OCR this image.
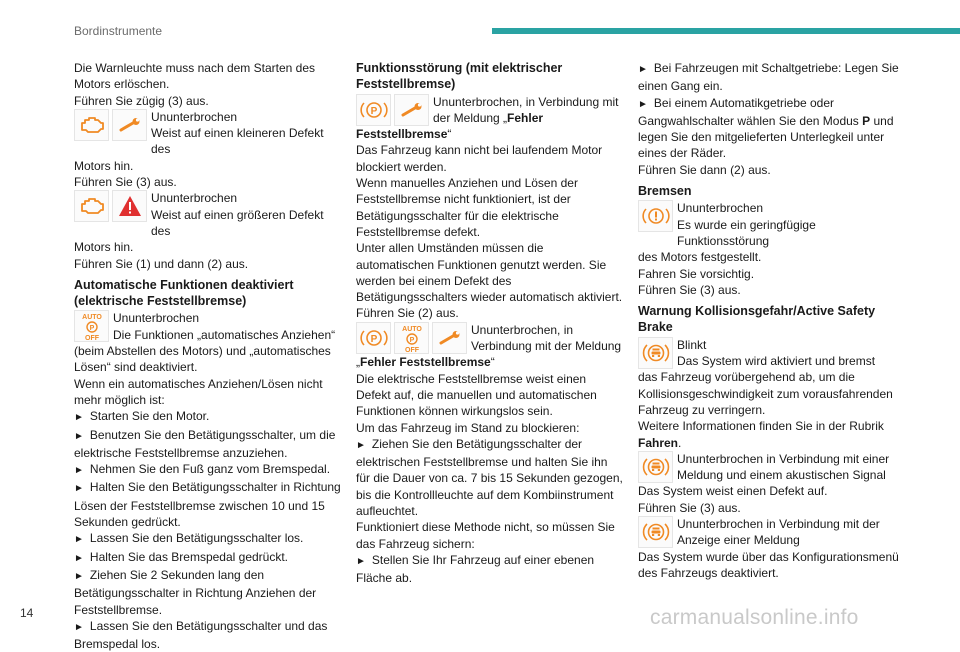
Bordinstrumente

Die Warnleuchte muss nach dem Starten des Motors erlöschen.

Führen Sie zügig (3) aus.

Ununterbrochen
Weist auf einen kleineren Defekt des

Motors hin.

Führen Sie (3) aus.

Ununterbrochen
Weist auf einen größeren Defekt des

Motors hin.

Führen Sie (1) und dann (2) aus.

Automatische Funktionen deaktiviert (elektrische Feststellbremse)
AUTO
P
OFF
Ununterbrochen
Die Funktionen „automatisches Anziehen“

(beim Abstellen des Motors) und „automatisches Lösen“ sind deaktiviert.

Wenn ein automatisches Anziehen/Lösen nicht mehr möglich ist:

► Starten Sie den Motor.

► Benutzen Sie den Betätigungsschalter, um die elektrische Feststellbremse anzuziehen.

► Nehmen Sie den Fuß ganz vom Bremspedal.

► Halten Sie den Betätigungsschalter in Richtung Lösen der Feststellbremse zwischen 10 und 15 Sekunden gedrückt.

► Lassen Sie den Betätigungsschalter los.

► Halten Sie das Bremspedal gedrückt.

► Ziehen Sie 2 Sekunden lang den Betätigungsschalter in Richtung Anziehen der Feststellbremse.

► Lassen Sie den Betätigungsschalter und das Bremspedal los.

Funktionsstörung (mit elektrischer Feststellbremse)
P
Ununterbrochen, in Verbindung mit
der Meldung „Fehler

Feststellbremse“

Das Fahrzeug kann nicht bei laufendem Motor blockiert werden.

Wenn manuelles Anziehen und Lösen der Feststellbremse nicht funktioniert, ist der Betätigungsschalter für die elektrische Feststellbremse defekt.

Unter allen Umständen müssen die automatischen Funktionen genutzt werden. Sie werden bei einem Defekt des Betätigungsschalters wieder automatisch aktiviert.

Führen Sie (2) aus.

P
AUTO
P
OFF
Ununterbrochen, in
Verbindung mit der Meldung

„Fehler Feststellbremse“

Die elektrische Feststellbremse weist einen Defekt auf, die manuellen und automatischen Funktionen können wirkungslos sein.

Um das Fahrzeug im Stand zu blockieren:

► Ziehen Sie den Betätigungsschalter der elektrischen Feststellbremse und halten Sie ihn für die Dauer von ca. 7 bis 15 Sekunden gezogen, bis die Kontrollleuchte auf dem Kombiinstrument aufleuchtet.

Funktioniert diese Methode nicht, so müssen Sie das Fahrzeug sichern:

► Stellen Sie Ihr Fahrzeug auf einer ebenen Fläche ab.

► Bei Fahrzeugen mit Schaltgetriebe: Legen Sie einen Gang ein.

► Bei einem Automatikgetriebe oder Gangwahlschalter wählen Sie den Modus P und legen Sie den mitgelieferten Unterlegkeil unter eines der Räder.

Führen Sie dann (2) aus.

Bremsen
Ununterbrochen
Es wurde ein geringfügige Funktionsstörung

des Motors festgestellt.

Fahren Sie vorsichtig.

Führen Sie (3) aus.

Warnung Kollisionsgefahr/Active Safety Brake
Blinkt
Das System wird aktiviert und bremst

das Fahrzeug vorübergehend ab, um die Kollisionsgeschwindigkeit zum vorausfahrenden Fahrzeug zu verringern.

Weitere Informationen finden Sie in der Rubrik Fahren.

Ununterbrochen in Verbindung mit einer
Meldung und einem akustischen Signal

Das System weist einen Defekt auf.

Führen Sie (3) aus.

Ununterbrochen in Verbindung mit der
Anzeige einer Meldung

Das System wurde über das Konfigurationsmenü des Fahrzeugs deaktiviert.

14	carmanualsonline.info
